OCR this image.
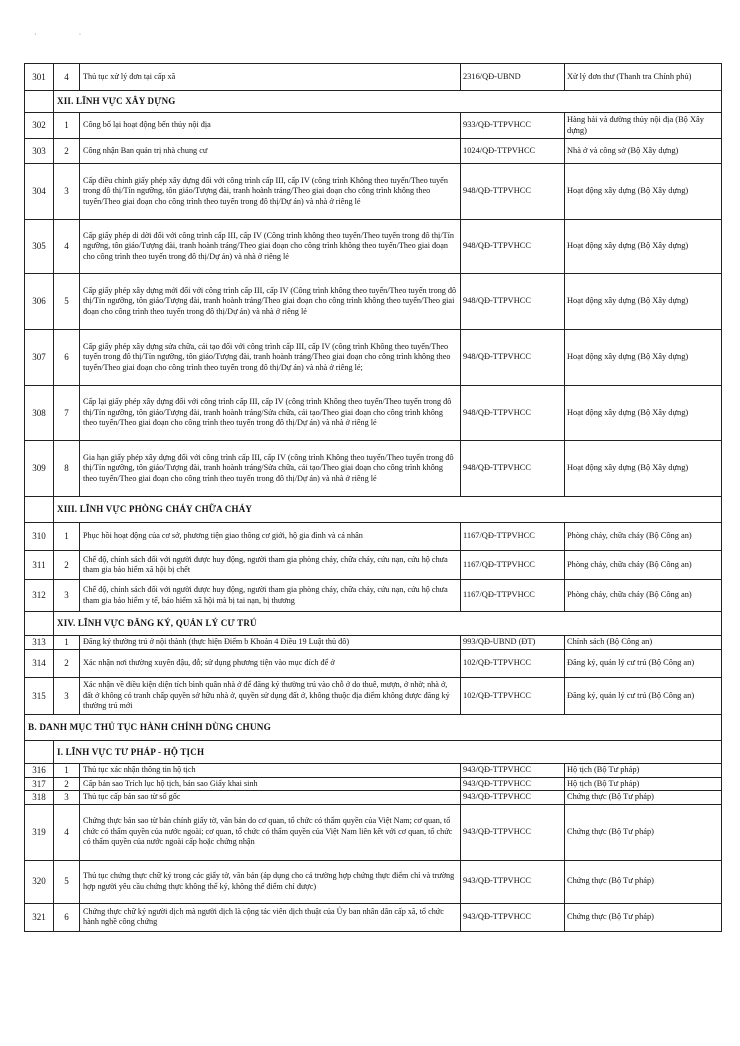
· ·
301	4	Thủ tục xử lý đơn tại cấp xã	2316/QĐ-UBND	Xử lý đơn thư (Thanh tra Chính phủ)
	XII. LĨNH VỰC XÂY DỰNG			
302	1	Công bố lại hoạt động bến thủy nội địa	933/QĐ-TTPVHCC	Hàng hải và đường thủy nội địa (Bộ Xây dựng)
303	2	Công nhận Ban quản trị nhà chung cư	1024/QĐ-TTPVHCC	Nhà ở và công sở (Bộ Xây dựng)
304	3	Cấp điều chỉnh giấy phép xây dựng đối với công trình cấp III, cấp IV (công trình Không theo tuyến/Theo tuyến trong đô thị/Tín ngưỡng, tôn giáo/Tượng đài, tranh hoành tráng/Theo giai đoạn cho công trình không theo tuyến/Theo giai đoạn cho công trình theo tuyến trong đô thị/Dự án) và nhà ở riêng lẻ	948/QĐ-TTPVHCC	Hoạt động xây dựng (Bộ Xây dựng)
305	4	Cấp giấy phép di dời đối với công trình cấp III, cấp IV (Công trình không theo tuyến/Theo tuyến trong đô thị/Tín ngưỡng, tôn giáo/Tượng đài, tranh hoành tráng/Theo giai đoạn cho công trình không theo tuyến/Theo giai đoạn cho công trình theo tuyến trong đô thị/Dự án) và nhà ở riêng lẻ	948/QĐ-TTPVHCC	Hoạt động xây dựng (Bộ Xây dựng)
306	5	Cấp giấy phép xây dựng mới đối với công trình cấp III, cấp IV (Công trình không theo tuyến/Theo tuyến trong đô thị/Tín ngưỡng, tôn giáo/Tượng đài, tranh hoành tráng/Theo giai đoạn cho công trình không theo tuyến/Theo giai đoạn cho công trình theo tuyến trong đô thị/Dự án) và nhà ở riêng lẻ	948/QĐ-TTPVHCC	Hoạt động xây dựng (Bộ Xây dựng)
307	6	Cấp giấy phép xây dựng sửa chữa, cải tạo đối với công trình cấp III, cấp IV (công trình Không theo tuyến/Theo tuyến trong đô thị/Tín ngưỡng, tôn giáo/Tượng đài, tranh hoành tráng/Theo giai đoạn cho công trình không theo tuyến/Theo giai đoạn cho công trình theo tuyến trong đô thị/Dự án) và nhà ở riêng lẻ;	948/QĐ-TTPVHCC	Hoạt động xây dựng (Bộ Xây dựng)
308	7	Cấp lại giấy phép xây dựng đối với công trình cấp III, cấp IV (công trình Không theo tuyến/Theo tuyến trong đô thị/Tín ngưỡng, tôn giáo/Tượng đài, tranh hoành tráng/Sửa chữa, cải tạo/Theo giai đoạn cho công trình không theo tuyến/Theo giai đoạn cho công trình theo tuyến trong đô thị/Dự án) và nhà ở riêng lẻ	948/QĐ-TTPVHCC	Hoạt động xây dựng (Bộ Xây dựng)
309	8	Gia hạn giấy phép xây dựng đối với công trình cấp III, cấp IV (công trình Không theo tuyến/Theo tuyến trong đô thị/Tín ngưỡng, tôn giáo/Tượng đài, tranh hoành tráng/Sửa chữa, cải tạo/Theo giai đoạn cho công trình không theo tuyến/Theo giai đoạn cho công trình theo tuyến trong đô thị/Dự án) và nhà ở riêng lẻ	948/QĐ-TTPVHCC	Hoạt động xây dựng (Bộ Xây dựng)
	XIII. LĨNH VỰC PHÒNG CHÁY CHỮA CHÁY			
310	1	Phục hồi hoạt động của cơ sở, phương tiện giao thông cơ giới, hộ gia đình và cá nhân	1167/QĐ-TTPVHCC	Phòng cháy, chữa cháy (Bộ Công an)
311	2	Chế độ, chính sách đối với người được huy động, người tham gia phòng cháy, chữa cháy, cứu nạn, cứu hộ chưa tham gia bảo hiểm xã hội bị chết	1167/QĐ-TTPVHCC	Phòng cháy, chữa cháy (Bộ Công an)
312	3	Chế độ, chính sách đối với người được huy động, người tham gia phòng cháy, chữa cháy, cứu nạn, cứu hộ chưa tham gia bảo hiểm y tế, bảo hiểm xã hội mà bị tai nạn, bị thương	1167/QĐ-TTPVHCC	Phòng cháy, chữa cháy (Bộ Công an)
	XIV. LĨNH VỰC ĐĂNG KÝ, QUẢN LÝ CƯ TRÚ			
313	1	Đăng ký thường trú ở nội thành (thực hiện Điểm b Khoản 4 Điều 19 Luật thủ đô)	993/QĐ-UBND (ĐT)	Chính sách (Bộ Công an)
314	2	Xác nhận nơi thường xuyên đậu, đỗ; sử dụng phương tiện vào mục đích để ở	102/QĐ-TTPVHCC	Đăng ký, quản lý cư trú (Bộ Công an)
315	3	Xác nhận về điều kiện diện tích bình quân nhà ở để đăng ký thường trú vào chỗ ở do thuê, mượn, ở nhờ; nhà ở, đất ở không có tranh chấp quyền sở hữu nhà ở, quyền sử dụng đất ở, không thuộc địa điểm không được đăng ký thường trú mới	102/QĐ-TTPVHCC	Đăng ký, quản lý cư trú (Bộ Công an)
B. DANH MỤC THỦ TỤC HÀNH CHÍNH DÙNG CHUNG				
	I. LĨNH VỰC TƯ PHÁP - HỘ TỊCH			
316	1	Thủ tục xác nhận thông tin hộ tịch	943/QĐ-TTPVHCC	Hộ tịch (Bộ Tư pháp)
317	2	Cấp bản sao Trích lục hộ tịch, bản sao Giấy khai sinh	943/QĐ-TTPVHCC	Hộ tịch (Bộ Tư pháp)
318	3	Thủ tục cấp bản sao từ sổ gốc	943/QĐ-TTPVHCC	Chứng thực (Bộ Tư pháp)
319	4	Chứng thực bản sao từ bản chính giấy tờ, văn bản do cơ quan, tổ chức có thẩm quyền của Việt Nam; cơ quan, tổ chức có thẩm quyền của nước ngoài; cơ quan, tổ chức có thẩm quyền của Việt Nam liên kết với cơ quan, tổ chức có thẩm quyền của nước ngoài cấp hoặc chứng nhận	943/QĐ-TTPVHCC	Chứng thực (Bộ Tư pháp)
320	5	Thủ tục chứng thực chữ ký trong các giấy tờ, văn bản (áp dụng cho cả trường hợp chứng thực điểm chỉ và trường hợp người yêu cầu chứng thực không thể ký, không thể điểm chỉ được)	943/QĐ-TTPVHCC	Chứng thực (Bộ Tư pháp)
321	6	Chứng thực chữ ký người dịch mà người dịch là cộng tác viên dịch thuật của Ủy ban nhân dân cấp xã, tổ chức hành nghề công chứng	943/QĐ-TTPVHCC	Chứng thực (Bộ Tư pháp)
